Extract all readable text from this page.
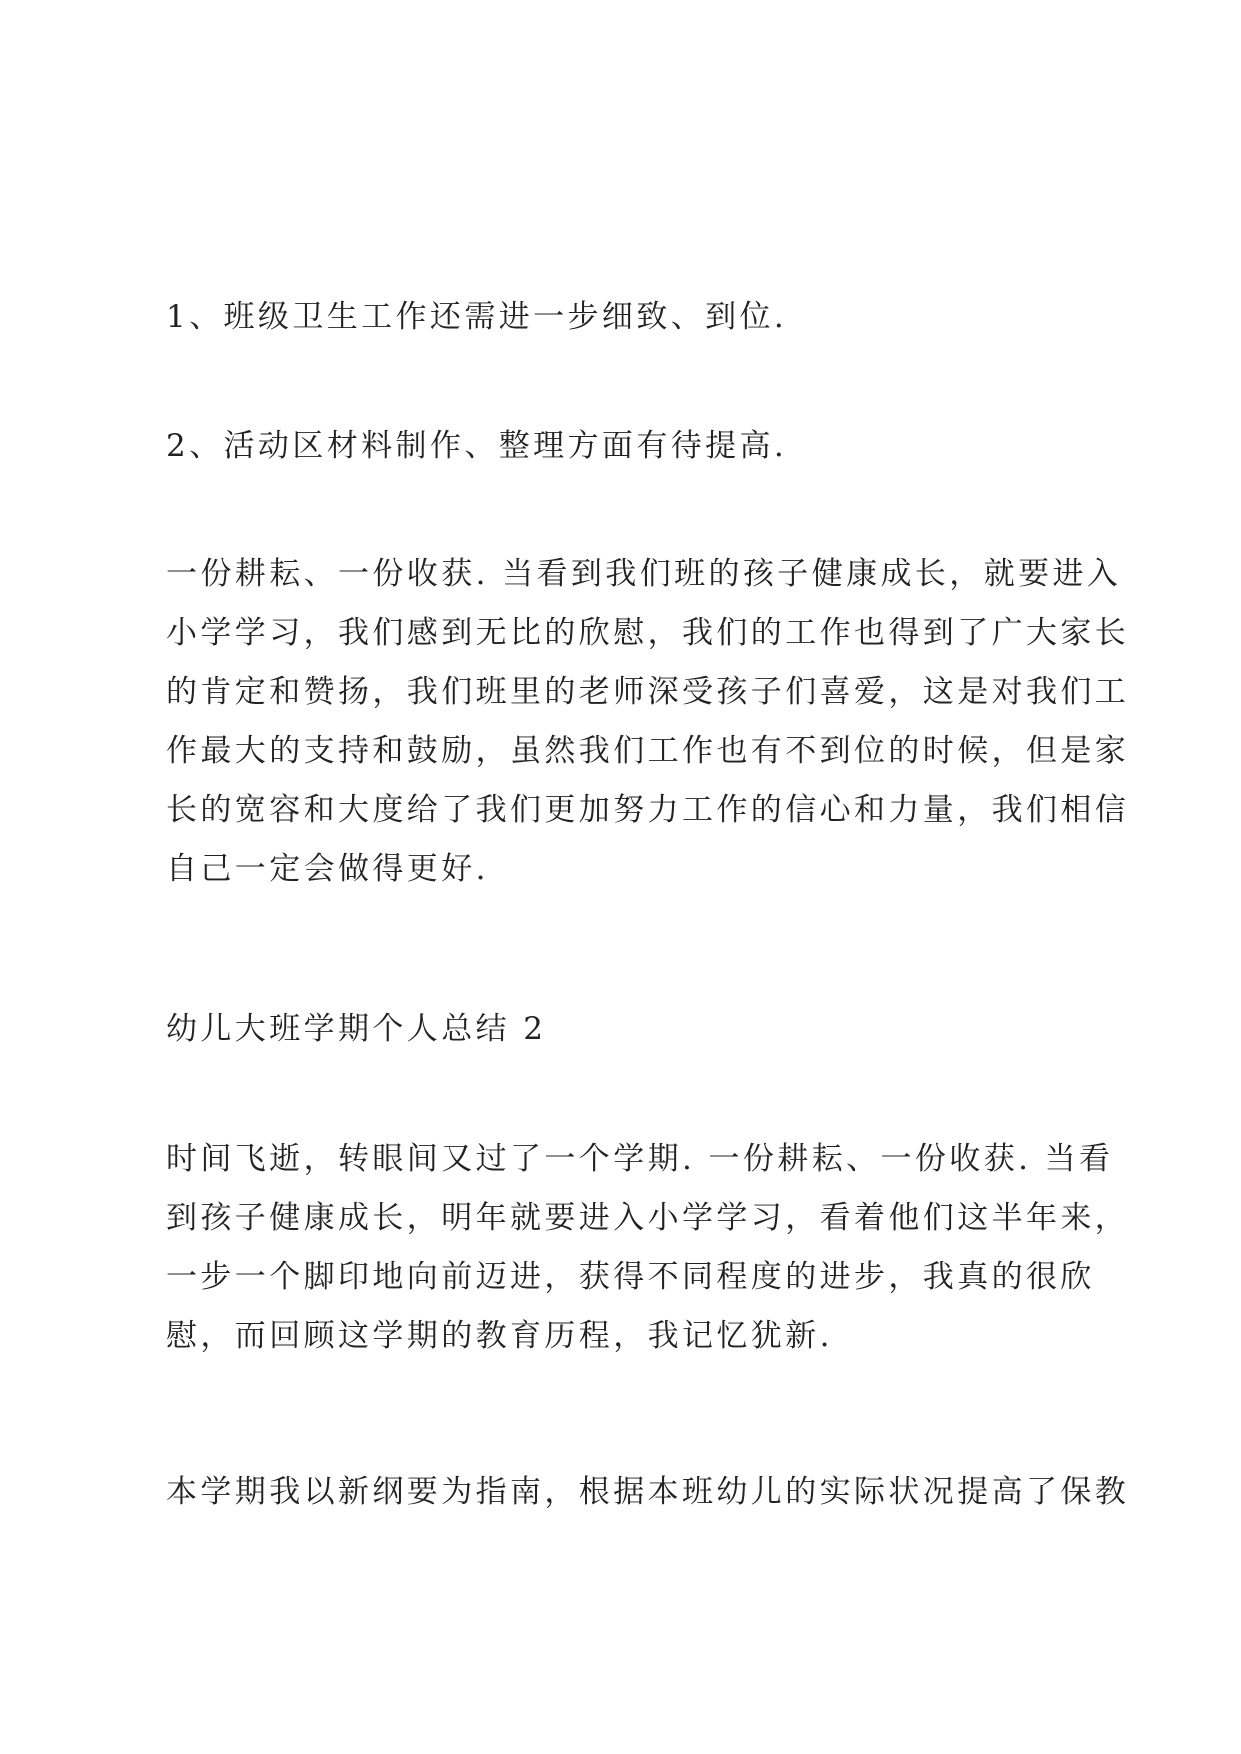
1、班级卫生工作还需进一步细致、到位.

2、活动区材料制作、整理方面有待提高.

一份耕耘、一份收获. 当看到我们班的孩子健康成长，就要进入
小学学习，我们感到无比的欣慰，我们的工作也得到了广大家长
的肯定和赞扬，我们班里的老师深受孩子们喜爱，这是对我们工
作最大的支持和鼓励，虽然我们工作也有不到位的时候，但是家
长的宽容和大度给了我们更加努力工作的信心和力量，我们相信
自己一定会做得更好.

幼儿大班学期个人总结 2

时间飞逝，转眼间又过了一个学期. 一份耕耘、一份收获. 当看
到孩子健康成长，明年就要进入小学学习，看着他们这半年来，
一步一个脚印地向前迈进，获得不同程度的进步，我真的很欣
慰，而回顾这学期的教育历程，我记忆犹新.

本学期我以新纲要为指南，根据本班幼儿的实际状况提高了保教
